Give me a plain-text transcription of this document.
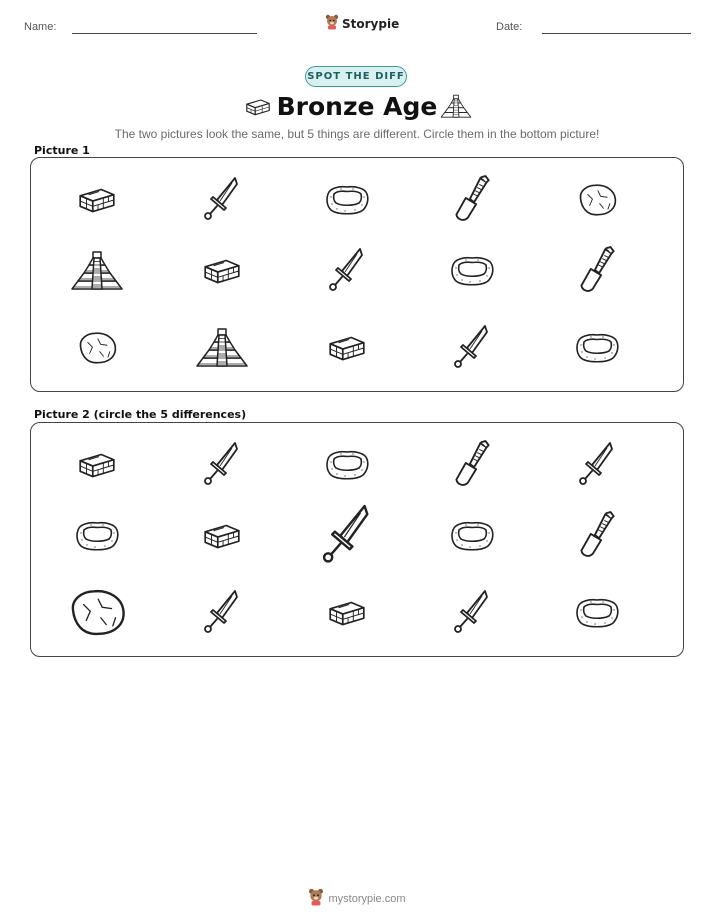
Name:	Storypie	Date:
SPOT THE DIFF
Bronze Age
The two pictures look the same, but 5 things are different. Circle them in the bottom picture!
Picture 1
Picture 2 (circle the 5 differences)
mystorypie.com
